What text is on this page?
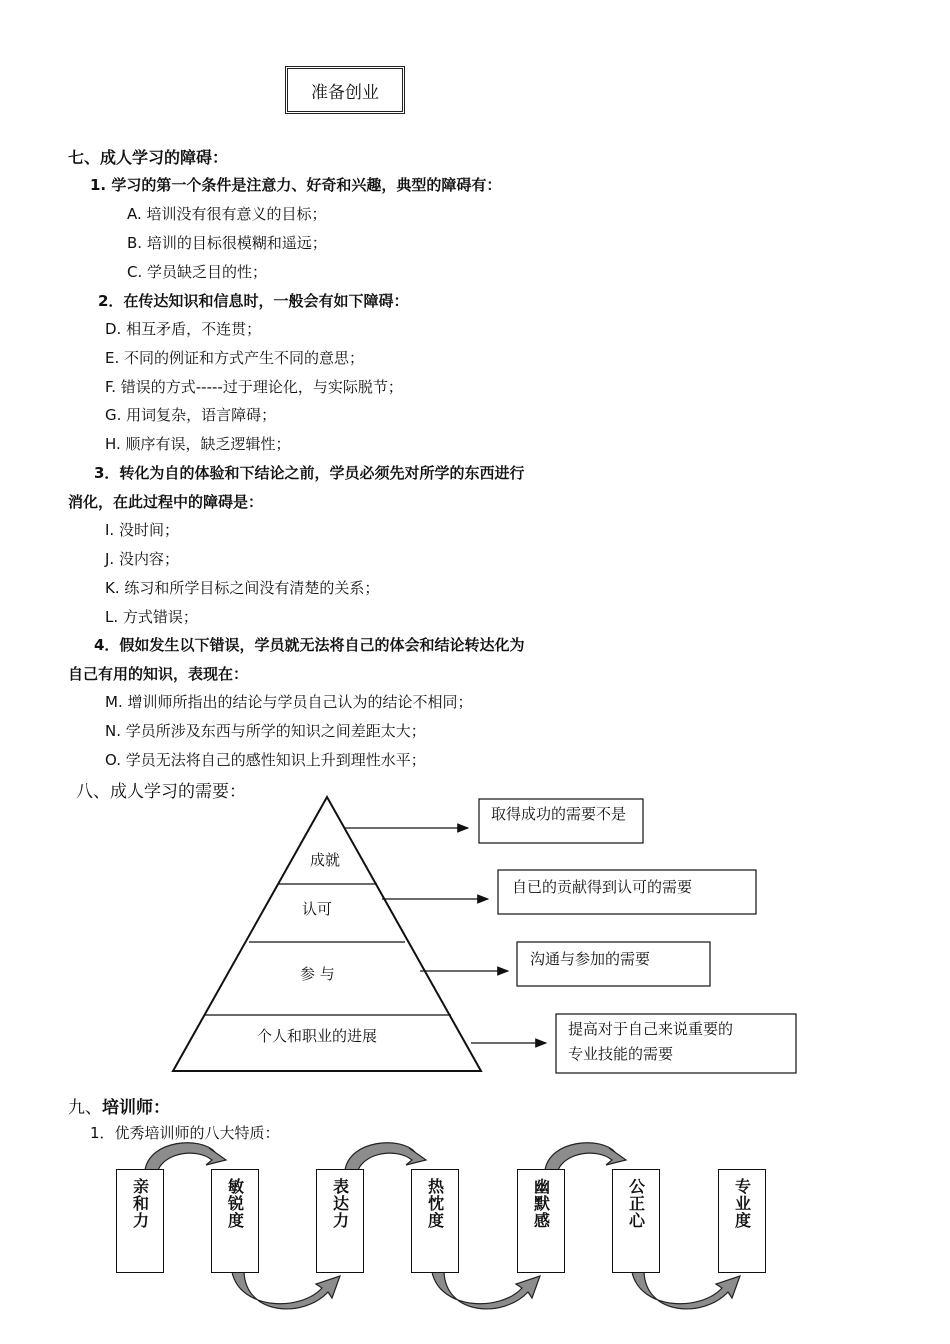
准备创业
七、成人学习的障碍：
1. 学习的第一个条件是注意力、好奇和兴趣，典型的障碍有：
A. 培训没有很有意义的目标；
B. 培训的目标很模糊和遥远；
C. 学员缺乏目的性；
2．在传达知识和信息时，一般会有如下障碍：
D. 相互矛盾，不连贯；
E. 不同的例证和方式产生不同的意思；
F. 错误的方式-----过于理论化，与实际脱节；
G. 用词复杂，语言障碍；
H. 顺序有误，缺乏逻辑性；
3．转化为自的体验和下结论之前，学员必须先对所学的东西进行
消化，在此过程中的障碍是：
I. 没时间；
J. 没内容；
K. 练习和所学目标之间没有清楚的关系；
L. 方式错误；
4．假如发生以下错误，学员就无法将自己的体会和结论转达化为
自己有用的知识，表现在：
M. 增训师所指出的结论与学员自己认为的结论不相同；
N. 学员所涉及东西与所学的知识之间差距太大；
O. 学员无法将自己的感性知识上升到理性水平；
八、成人学习的需要：
成就
认可
参 与
个人和职业的进展
取得成功的需要不是
自已的贡献得到认可的需要
沟通与参加的需要
提高对于自己来说重要的
专业技能的需要
九、培训师：
1．优秀培训师的八大特质：
亲和力	敏锐度	表达力	热忱度	幽默感	公正心	专业度
